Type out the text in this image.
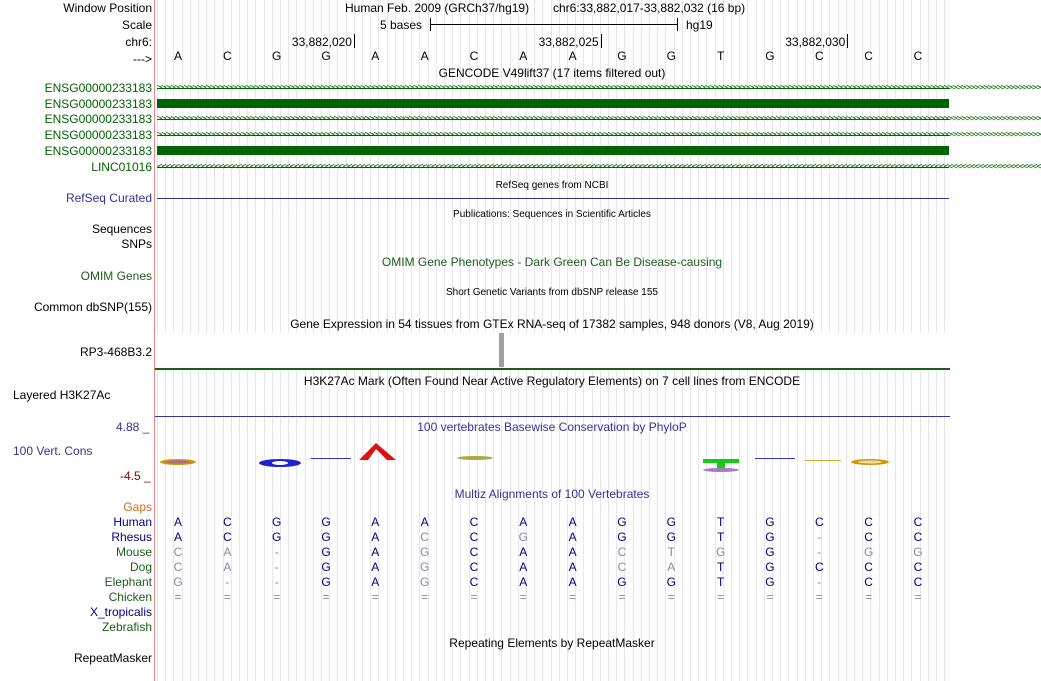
Window Position
Scale
chr6:
--->
Human Feb. 2009 (GRCh37/hg19) chr6:33,882,017-33,882,032 (16 bp)
5 bases	hg19
33,882,020	33,882,025	33,882,030
A	C	G	G	A	A	C	A	A	G	G	T	G	C	C	C
GENCODE V49lift37 (17 items filtered out)
ENSG00000233183 >>>>>>>>>>>>>>>>>>>>>>>>>>>>>>>>>>>>>>>>>>>>>>>>>>>>>>>>>>>>>>>>>>>>>>>>>>>>>>>>>>>>>>>>>>>>>>>>>>>>>>>>>>>>>>>>>>>>>>>>>>>>>>>>>>>>>>>>>>>>>>>>>>>>>>>>>>>>>>>>>>>>>>>>>>>>>>>>>>>>>>>>>>>>>>>>>>>>>>>>
ENSG00000233183
ENSG00000233183 >>>>>>>>>>>>>>>>>>>>>>>>>>>>>>>>>>>>>>>>>>>>>>>>>>>>>>>>>>>>>>>>>>>>>>>>>>>>>>>>>>>>>>>>>>>>>>>>>>>>>>>>>>>>>>>>>>>>>>>>>>>>>>>>>>>>>>>>>>>>>>>>>>>>>>>>>>>>>>>>>>>>>>>>>>>>>>>>>>>>>>>>>>>>>>>>>>>>>>>>
ENSG00000233183 >>>>>>>>>>>>>>>>>>>>>>>>>>>>>>>>>>>>>>>>>>>>>>>>>>>>>>>>>>>>>>>>>>>>>>>>>>>>>>>>>>>>>>>>>>>>>>>>>>>>>>>>>>>>>>>>>>>>>>>>>>>>>>>>>>>>>>>>>>>>>>>>>>>>>>>>>>>>>>>>>>>>>>>>>>>>>>>>>>>>>>>>>>>>>>>>>>>>>>>>
ENSG00000233183
LINC01016 <<<<<<<<<<<<<<<<<<<<<<<<<<<<<<<<<<<<<<<<<<<<<<<<<<<<<<<<<<<<<<<<<<<<<<<<<<<<<<<<<<<<<<<<<<<<<<<<<<<<<<<<<<<<<<<<<<<<<<<<<<<<<<<<<<<<<<<<<<<<<<<<<<<<<<<<<<<<<<<<<<<<<<<<<<<<<<<<<<<<<<<<<<<<<<<<<<<<<<<<
RefSeq genes from NCBI
RefSeq Curated
Publications: Sequences in Scientific Articles
Sequences
SNPs
OMIM Gene Phenotypes - Dark Green Can Be Disease-causing
OMIM Genes
Short Genetic Variants from dbSNP release 155
Common dbSNP(155)
Gene Expression in 54 tissues from GTEx RNA-seq of 17382 samples, 948 donors (V8, Aug 2019)
RP3-468B3.2
H3K27Ac Mark (Often Found Near Active Regulatory Elements) on 7 cell lines from ENCODE
Layered H3K27Ac
100 vertebrates Basewise Conservation by PhyloP
4.88 _
100 Vert. Cons
-4.5 _
Multiz Alignments of 100 Vertebrates
Gaps
Human A	C	G	G	A	A	C	A	A	G	G	T	G	C	C	C
Rhesus A	C	G	G	A	C	C	G	A	G	G	T	G	-	C	C
Mouse C	A	-	G	A	G	C	A	A	C	T	G	G	-	G	G
Dog C	A	-	G	A	G	C	A	A	C	A	T	G	C	C	C
Elephant G	-	-	G	A	G	C	A	A	G	G	T	G	-	C	C
Chicken =	=	=	=	=	=	=	=	=	=	=	=	=	=	=	=
X_tropicalis
Zebrafish
Repeating Elements by RepeatMasker
RepeatMasker
